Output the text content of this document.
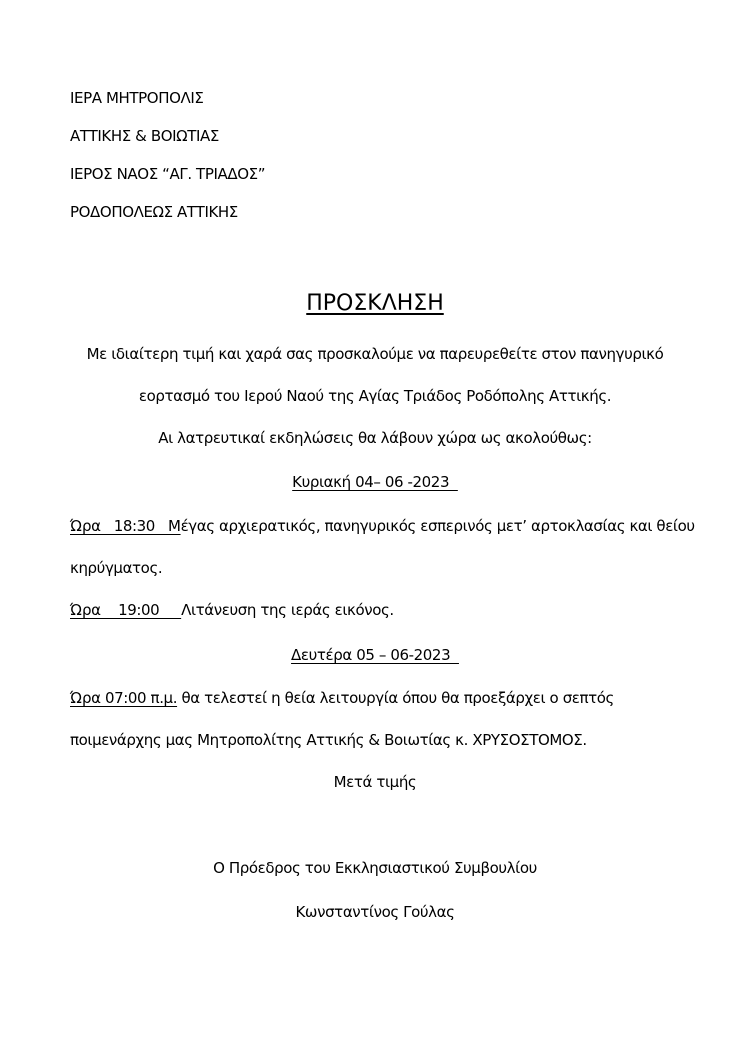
ΙΕΡΑ ΜΗΤΡΟΠΟΛΙΣ
ΑΤΤΙΚΗΣ & ΒΟΙΩΤΙΑΣ
ΙΕΡΟΣ ΝΑΟΣ “ΑΓ. ΤΡΙΑΔΟΣ”
ΡΟΔΟΠΟΛΕΩΣ ΑΤΤΙΚΗΣ
ΠΡΟΣΚΛΗΣΗ
Με ιδιαίτερη τιμή και χαρά σας προσκαλούμε να παρευρεθείτε στον πανηγυρικό
εορτασμό του Ιερού Ναού της Αγίας Τριάδος Ροδόπολης Αττικής.
Αι λατρευτικαί εκδηλώσεις θα λάβουν χώρα ως ακολούθως:
Κυριακή 04– 06 -2023
Ώρα   18:30   Μέγας αρχιερατικός, πανηγυρικός εσπερινός μετ’ αρτοκλασίας και θείου
κηρύγματος.
Ώρα    19:00     Λιτάνευση της ιεράς εικόνος.
Δευτέρα 05 – 06-2023
Ώρα 07:00 π.μ. θα τελεστεί η θεία λειτουργία όπου θα προεξάρχει ο σεπτός
ποιμενάρχης μας Μητροπολίτης Αττικής & Βοιωτίας κ. ΧΡΥΣΟΣΤΟΜΟΣ.
Μετά τιμής
Ο Πρόεδρος του Εκκλησιαστικού Συμβουλίου
Κωνσταντίνος Γούλας
